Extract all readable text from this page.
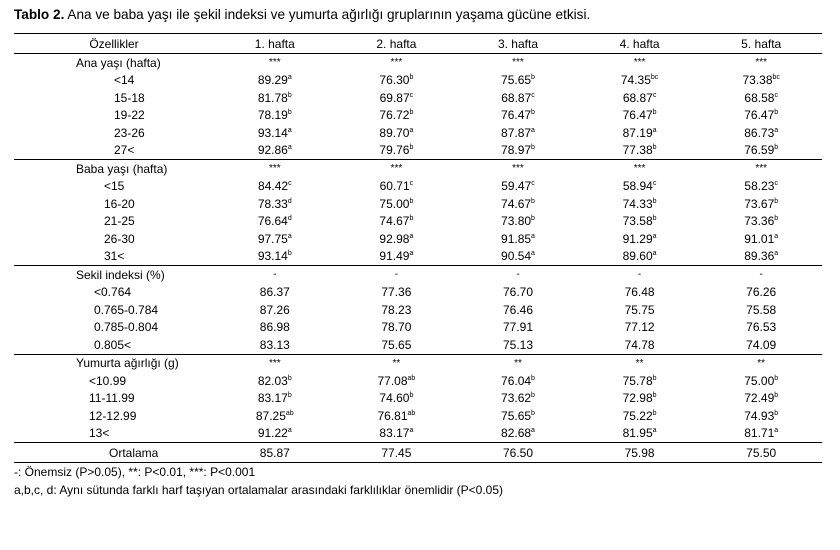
Tablo 2. Ana ve baba yaşı ile şekil indeksi ve yumurta ağırlığı gruplarının yaşama gücüne etkisi.
Özellikler	1. hafta	2. hafta	3. hafta	4. hafta	5. hafta
Ana yaşı (hafta)	***	***	***	***	***
<14	89.29$^a$	76.30$^b$	75.65$^b$	74.35$^{bc}$	73.38$^{bc}$
15-18	81.78$^b$	69.87$^c$	68.87$^c$	68.87$^c$	68.58$^c$
19-22	78.19$^b$	76.72$^b$	76.47$^b$	76.47$^b$	76.47$^b$
23-26	93.14$^a$	89.70$^a$	87.87$^a$	87.19$^a$	86.73$^a$
27<	92.86$^a$	79.76$^b$	78.97$^b$	77.38$^b$	76.59$^b$
Baba yaşı (hafta)	***	***	***	***	***
<15	84.42$^c$	60.71$^c$	59.47$^c$	58.94$^c$	58.23$^c$
16-20	78.33$^d$	75.00$^b$	74.67$^b$	74.33$^b$	73.67$^b$
21-25	76.64$^d$	74.67$^b$	73.80$^b$	73.58$^b$	73.36$^b$
26-30	97.75$^a$	92.98$^a$	91.85$^a$	91.29$^a$	91.01$^a$
31<	93.14$^b$	91.49$^a$	90.54$^a$	89.60$^a$	89.36$^a$
Sekil indeksi (%)	-	-	-	-	-
<0.764	86.37	77.36	76.70	76.48	76.26
0.765-0.784	87.26	78.23	76.46	75.75	75.58
0.785-0.804	86.98	78.70	77.91	77.12	76.53
0.805<	83.13	75.65	75.13	74.78	74.09
Yumurta ağırlığı (g)	***	**	**	**	**
<10.99	82.03$^b$	77.08$^{ab}$	76.04$^b$	75.78$^b$	75.00$^b$
11-11.99	83.17$^b$	74.60$^b$	73.62$^b$	72.98$^b$	72.49$^b$
12-12.99	87.25$^{ab}$	76.81$^{ab}$	75.65$^b$	75.22$^b$	74.93$^b$
13<	91.22$^a$	83.17$^a$	82.68$^a$	81.95$^a$	81.71$^a$
Ortalama	85.87	77.45	76.50	75.98	75.50
-: Önemsiz (P>0.05), **: P<0.01, ***: P<0.001
a,b,c, d: Aynı sütunda farklı harf taşıyan ortalamalar arasındaki farklılıklar önemlidir (P<0.05)
